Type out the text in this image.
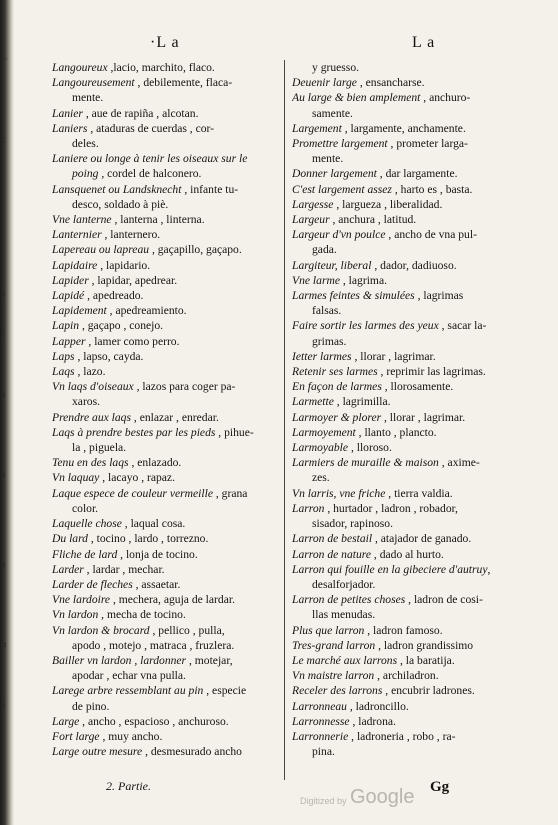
~
c
s
t
s
s
s
u
s
·L a	L a
Langoureux ,lacio, marchito, flaco.
Langoureusement , debilemente, flaca-
mente.
Lanier , aue de rapiña , alcotan.
Laniers , ataduras de cuerdas , cor-
deles.
Laniere ou longe à tenir les oiseaux sur le
poing , cordel de halconero.
Lansquenet ou Landsknecht , infante tu-
desco, soldado à piè.
Vne lanterne , lanterna , linterna.
Lanternier , lanternero.
Lapereau ou lapreau , gaçapillo, gaçapo.
Lapidaire , lapidario.
Lapider , lapidar, apedrear.
Lapidé , apedreado.
Lapidement , apedreamiento.
Lapin , gaçapo , conejo.
Lapper , lamer como perro.
Laps , lapso, cayda.
Laqs , lazo.
Vn laqs d'oiseaux , lazos para coger pa-
xaros.
Prendre aux laqs , enlazar , enredar.
Laqs à prendre bestes par les pieds , pihue-
la , piguela.
Tenu en des laqs , enlazado.
Vn laquay , lacayo , rapaz.
Laque espece de couleur vermeille , grana
color.
Laquelle chose , laqual cosa.
Du lard , tocino , lardo , torrezno.
Fliche de lard , lonja de tocino.
Larder , lardar , mechar.
Larder de fleches , assaetar.
Vne lardoire , mechera, aguja de lardar.
Vn lardon , mecha de tocino.
Vn lardon & brocard , pellico , pulla,
apodo , motejo , matraca , fruzlera.
Bailler vn lardon , lardonner , motejar,
apodar , echar vna pulla.
Larege arbre ressemblant au pin , especie
de pino.
Large , ancho , espacioso , anchuroso.
Fort large , muy ancho.
Large outre mesure , desmesurado ancho
y gruesso.
Deuenir large , ensancharse.
Au large & bien amplement , anchuro-
samente.
Largement , largamente, anchamente.
Promettre largement , prometer larga-
mente.
Donner largement , dar largamente.
C'est largement assez , harto es , basta.
Largesse , largueza , liberalidad.
Largeur , anchura , latitud.
Largeur d'vn poulce , ancho de vna pul-
gada.
Largiteur, liberal , dador, dadiuoso.
Vne larme , lagrima.
Larmes feintes & simulées , lagrimas
falsas.
Faire sortir les larmes des yeux , sacar la-
grimas.
Ietter larmes , llorar , lagrimar.
Retenir ses larmes , reprimir las lagrimas.
En façon de larmes , llorosamente.
Larmette , lagrimilla.
Larmoyer & plorer , llorar , lagrimar.
Larmoyement , llanto , plancto.
Larmoyable , lloroso.
Larmiers de muraille & maison , axime-
zes.
Vn larris, vne friche , tierra valdia.
Larron , hurtador , ladron , robador,
sisador, rapinoso.
Larron de bestail , atajador de ganado.
Larron de nature , dado al hurto.
Larron qui fouille en la gibeciere d'autruy,
desalforjador.
Larron de petites choses , ladron de cosi-
llas menudas.
Plus que larron , ladron famoso.
Tres-grand larron , ladron grandissimo
Le marché aux larrons , la baratija.
Vn maistre larron , archiladron.
Receler des larrons , encubrir ladrones.
Larronneau , ladroncillo.
Larronnesse , ladrona.
Larronnerie , ladroneria , robo , ra-
pina.
2. Partie.	Gg
Digitized by Google
